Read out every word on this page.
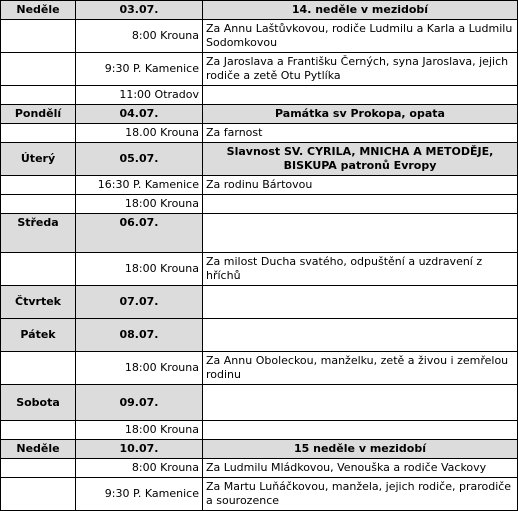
Neděle	03.07.	14. neděle v mezidobí
	8:00 Krouna	Za Annu Laštůvkovou, rodiče Ludmilu a Karla a Ludmilu Sodomkovou
	9:30 P. Kamenice	Za Jaroslava a Františku Černých, syna Jaroslava, jejich rodiče a zetě Otu Pytlíka
	11:00 Otradov	
Pondělí	04.07.	Památka sv Prokopa, opata
	18.00 Krouna	Za farnost
Úterý	05.07.	Slavnost SV. CYRILA, MNICHA A METODĚJE, BISKUPA patronů Evropy
	16:30 P. Kamenice	Za rodinu Bártovou
	18:00 Krouna	
Středa	06.07.	
	18:00 Krouna	Za milost Ducha svatého, odpuštění a uzdravení z hříchů
Čtvrtek	07.07.	
Pátek	08.07.	
	18:00 Krouna	Za Annu Oboleckou, manželku, zetě a živou i zemřelou rodinu
Sobota	09.07.	
	18:00 Krouna	
Neděle	10.07.	15 neděle v mezidobí
	8:00 Krouna	Za Ludmilu Mládkovou, Venouška a rodiče Vackovy
	9:30 P. Kamenice	Za Martu Luňáčkovou, manžela, jejich rodiče, prarodiče a sourozence
